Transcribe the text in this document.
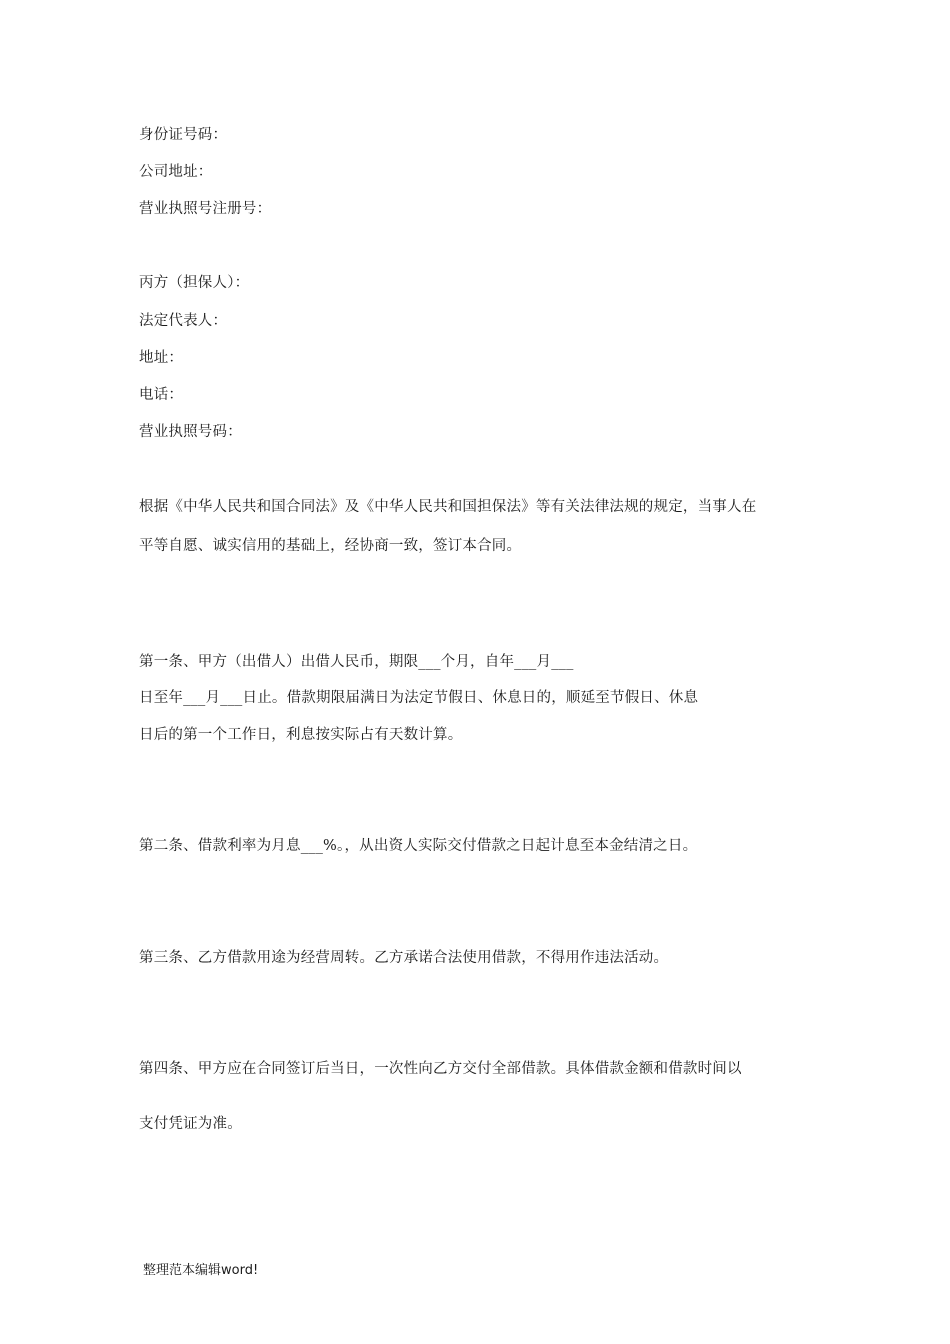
身份证号码：
公司地址：
营业执照号注册号：
丙方（担保人）：
法定代表人：
地址：
电话：
营业执照号码：
根据《中华人民共和国合同法》及《中华人民共和国担保法》等有关法律法规的规定，当事人在
平等自愿、诚实信用的基础上，经协商一致，签订本合同。
第一条、甲方（出借人）出借人民币，期限___个月，自年___月___
日至年___月___日止。借款期限届满日为法定节假日、休息日的，顺延至节假日、休息
日后的第一个工作日，利息按实际占有天数计算。
第二条、借款利率为月息___%。，从出资人实际交付借款之日起计息至本金结清之日。
第三条、乙方借款用途为经营周转。乙方承诺合法使用借款，不得用作违法活动。
第四条、甲方应在合同签订后当日，一次性向乙方交付全部借款。具体借款金额和借款时间以
支付凭证为准。
整理范本编辑word!
